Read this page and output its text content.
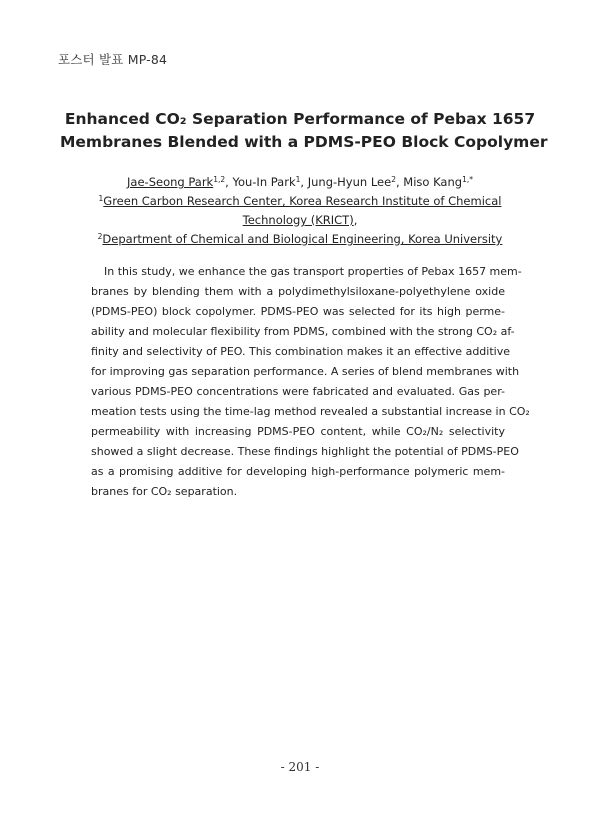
포스터 발표 MP-84
Enhanced CO₂ Separation Performance of Pebax 1657
Membranes Blended with a PDMS-PEO Block Copolymer
Jae-Seong Park$^{1,2}$, You-In Park$^1$, Jung-Hyun Lee$^2$, Miso Kang$^{1,*}$
$^1$Green Carbon Research Center, Korea Research Institute of Chemical
Technology (KRICT),
$^2$Department of Chemical and Biological Engineering, Korea University
In this study, we enhance the gas transport properties of Pebax 1657 mem-
branes by blending them with a polydimethylsiloxane-polyethylene oxide
(PDMS-PEO) block copolymer. PDMS-PEO was selected for its high perme-
ability and molecular flexibility from PDMS, combined with the strong CO₂ af-
finity and selectivity of PEO. This combination makes it an effective additive
for improving gas separation performance. A series of blend membranes with
various PDMS-PEO concentrations were fabricated and evaluated. Gas per-
meation tests using the time-lag method revealed a substantial increase in CO₂
permeability with increasing PDMS-PEO content, while CO₂/N₂ selectivity
showed a slight decrease. These findings highlight the potential of PDMS-PEO
as a promising additive for developing high-performance polymeric mem-
branes for CO₂ separation.
- 201 -
